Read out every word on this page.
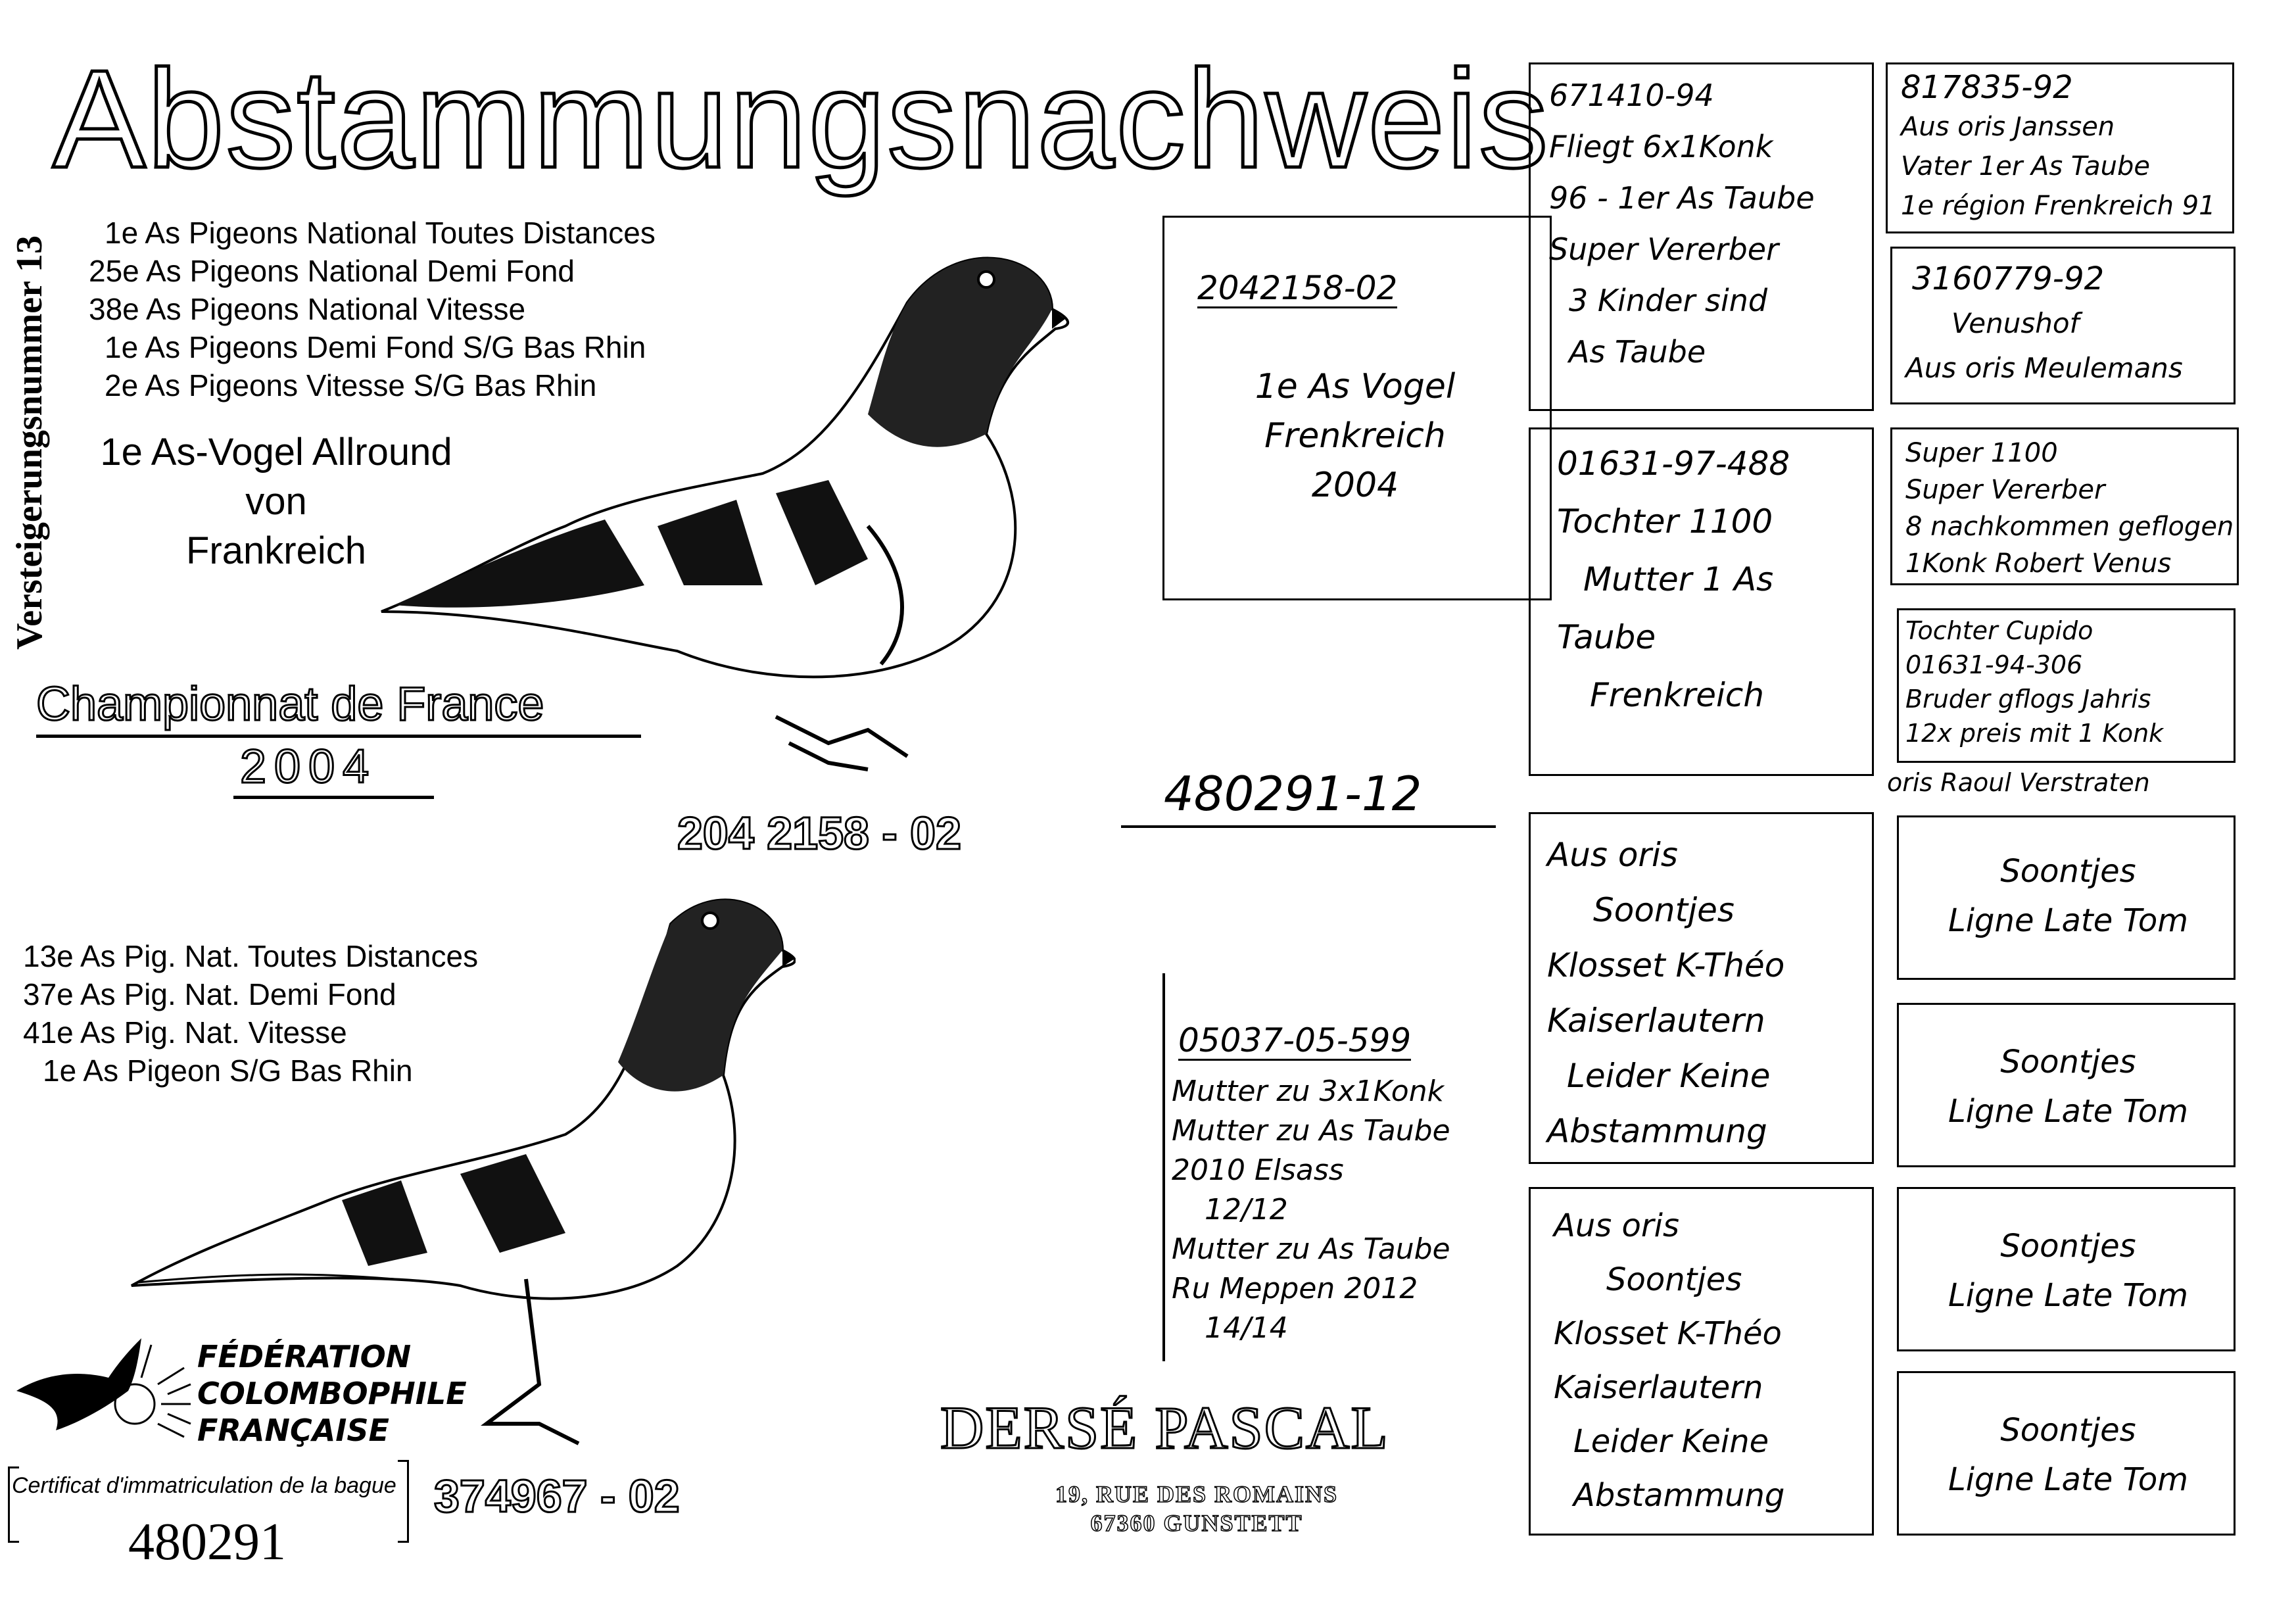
Abstammungsnachweis
Versteigerungsnummer 13
1e As Pigeons National Toutes Distances
25e As Pigeons National Demi Fond
38e As Pigeons National Vitesse
1e As Pigeons Demi Fond S/G Bas Rhin
2e As Pigeons Vitesse S/G Bas Rhin
1e As-Vogel Allround von
Frankreich
Championnat de France
2004
204 2158 - 02
13e As Pig. Nat. Toutes Distances
37e As Pig. Nat. Demi Fond
41e As Pig. Nat. Vitesse
1e As Pigeon S/G Bas Rhin
374967 - 02
FÉDÉRATION
COLOMBOPHILE
FRANÇAISE
Certificat d'immatriculation de la bague
480291
DERSÉ PASCAL
19, RUE DES ROMAINS
67360 GUNSTETT
480291-12
2042158-02
1e As Vogel
Frenkreich
2004
05037-05-599
Mutter zu 3x1Konk
Mutter zu As Taube
2010 Elsass
12/12
Mutter zu As Taube
Ru Meppen 2012
14/14
671410-94
Fliegt 6x1Konk
96 - 1er As Taube
Super Vererber
3 Kinder sind
As Taube
01631-97-488
Tochter 1100
Mutter 1 As
Taube
Frenkreich
Aus oris
Soontjes
Klosset K-Théo
Kaiserlautern
Leider Keine
Abstammung
Aus oris
Soontjes
Klosset K-Théo
Kaiserlautern
Leider Keine
Abstammung
817835-92
Aus oris Janssen
Vater 1er As Taube
1e région Frenkreich 91
3160779-92
Venushof
Aus oris Meulemans
Super 1100
Super Vererber
8 nachkommen geflogen
1Konk Robert Venus
Tochter Cupido
01631-94-306
Bruder gflogs Jahris
12x preis mit 1 Konk
oris Raoul Verstraten
Soontjes
Ligne Late Tom
Soontjes
Ligne Late Tom
Soontjes
Ligne Late Tom
Soontjes
Ligne Late Tom
